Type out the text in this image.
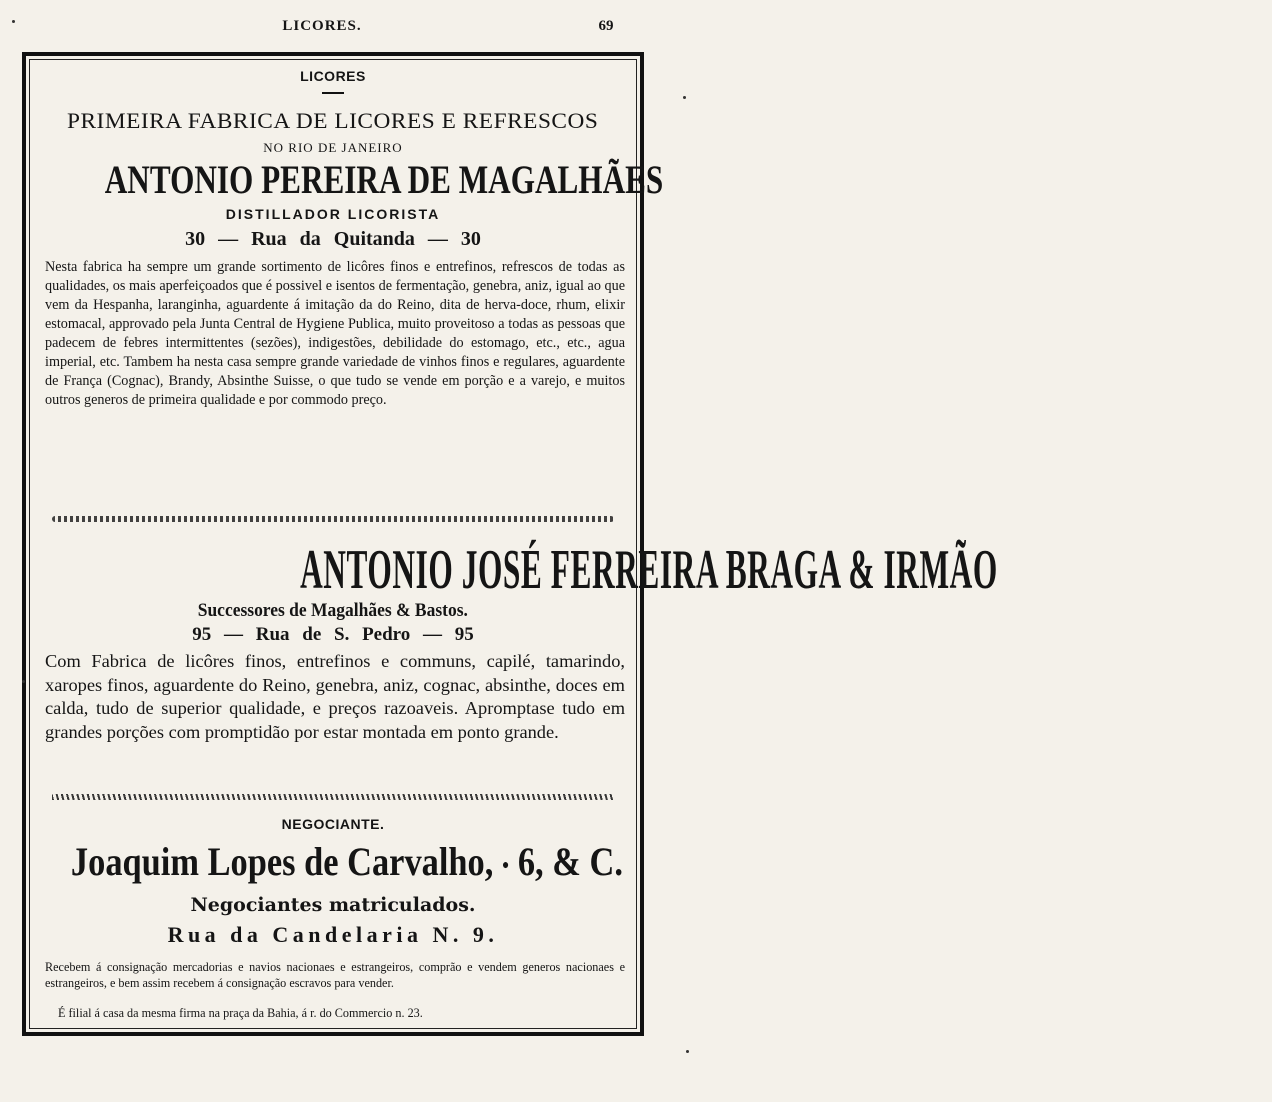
LICORES.	69
LICORES
PRIMEIRA FABRICA DE LICORES E REFRESCOS
NO RIO DE JANEIRO
ANTONIO PEREIRA DE MAGALHÃES
DISTILLADOR LICORISTA
30 — Rua da Quitanda — 30
Nesta fabrica ha sempre um grande sortimento de licôres finos e entrefinos, refrescos de todas as qualidades, os mais aperfeiçoados que é possivel e isentos de fermentação, genebra, aniz, igual ao que vem da Hespanha, laranginha, aguardente á imitação da do Reino, dita de herva-doce, rhum, elixir estomacal, approvado pela Junta Central de Hygiene Publica, muito proveitoso a todas as pessoas que padecem de febres intermittentes (sezões), indigestões, debilidade do estomago, etc., etc., agua imperial, etc. Tambem ha nesta casa sempre grande variedade de vinhos finos e regulares, aguardente de França (Cognac), Brandy, Absinthe Suisse, o que tudo se vende em porção e a varejo, e muitos outros generos de primeira qualidade e por commodo preço.
ANTONIO JOSÉ FERREIRA BRAGA & IRMÃO
Successores de Magalhães & Bastos.
95 — Rua de S. Pedro — 95
Com Fabrica de licôres finos, entrefinos e communs, capilé, tamarindo, xaropes finos, aguardente do Reino, genebra, aniz, cognac, absinthe, doces em calda, tudo de superior qualidade, e preços razoaveis. Apromptase tudo em grandes porções com promptidão por estar montada em ponto grande.
NEGOCIANTE.
Joaquim Lopes de Carvalho, ● 6, & C.
Negociantes matriculados.
Rua da Candelaria N. 9.
Recebem á consignação mercadorias e navios nacionaes e estrangeiros, comprão e vendem generos nacionaes e estrangeiros, e bem assim recebem á consignação escravos para vender.
É filial á casa da mesma firma na praça da Bahia, á r. do Commercio n. 23.
